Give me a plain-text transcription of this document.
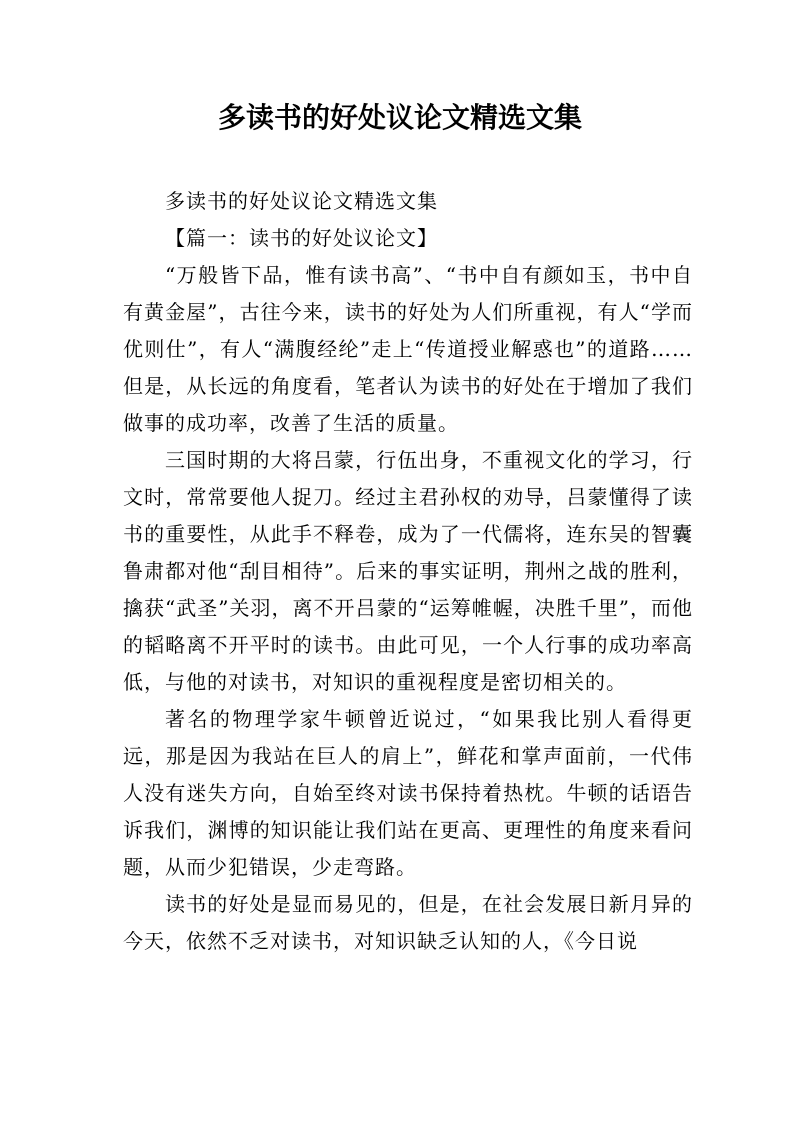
多读书的好处议论文精选文集

多读书的好处议论文精选文集

【篇一：读书的好处议论文】

“万般皆下品，惟有读书高”、“书中自有颜如玉，书中自有黄金屋”，古往今来，读书的好处为人们所重视，有人“学而优则仕”，有人“满腹经纶”走上“传道授业解惑也”的道路……但是，从长远的角度看，笔者认为读书的好处在于增加了我们做事的成功率，改善了生活的质量。

三国时期的大将吕蒙，行伍出身，不重视文化的学习，行文时，常常要他人捉刀。经过主君孙权的劝导，吕蒙懂得了读书的重要性，从此手不释卷，成为了一代儒将，连东吴的智囊鲁肃都对他“刮目相待”。后来的事实证明，荆州之战的胜利，擒获“武圣”关羽，离不开吕蒙的“运筹帷幄，决胜千里”，而他的韬略离不开平时的读书。由此可见，一个人行事的成功率高低，与他的对读书，对知识的重视程度是密切相关的。

著名的物理学家牛顿曾近说过，“如果我比别人看得更远，那是因为我站在巨人的肩上”，鲜花和掌声面前，一代伟人没有迷失方向，自始至终对读书保持着热枕。牛顿的话语告诉我们，渊博的知识能让我们站在更高、更理性的角度来看问题，从而少犯错误，少走弯路。

读书的好处是显而易见的，但是，在社会发展日新月异的今天，依然不乏对读书，对知识缺乏认知的人，《今日说
